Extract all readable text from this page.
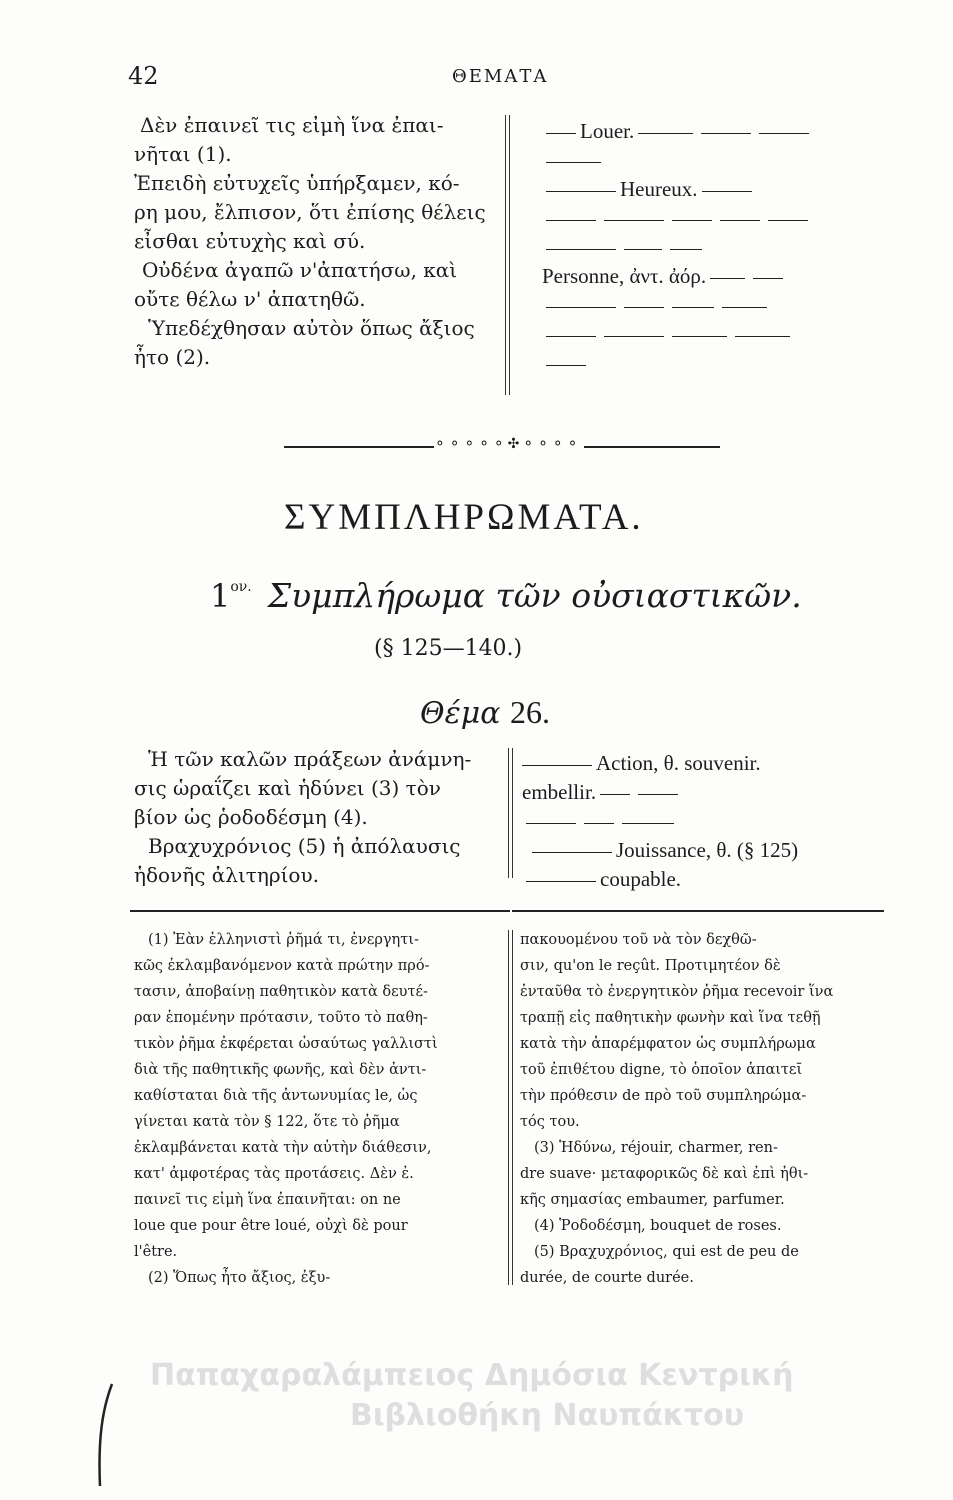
42	ΘΕΜΑΤΑ
Δὲν ἐπαινεῖ τις εἰμὴ ἵνα ἐπαι-
νῆται (1).
Ἐπειδὴ εὐτυχεῖς ὑπήρξαμεν, κό-
ρη μου, ἔλπισον, ὅτι ἐπίσης θέλεις
εἶσθαι εὐτυχὴς καὶ σύ.
Οὐδένα ἀγαπῶ ν'ἀπατήσω, καὶ
οὔτε θέλω ν' ἀπατηθῶ.
Ὑπεδέχθησαν αὐτὸν ὅπως ἄξιος
ἦτο (2).
Louer.
Heureux.
Personne, ἀντ. ἀόρ.
⚬⚬⚬⚬⚬✣⚬⚬⚬⚬
ΣΥΜΠΛΗΡΩΜΑΤΑ.
$1^{o\nu.}$ Συμπλήρωμα τῶν οὐσιαστικῶν.
(§ 125—140.)
Θέμα 26.
Ἡ τῶν καλῶν πράξεων ἀνάμνη-
σις ὡραΐζει καὶ ἡδύνει (3) τὸν
βίον ὡς ῥοδοδέσμη (4).
Βραχυχρόνιος (5) ἡ ἀπόλαυσις
ἡδονῆς ἀλιτηρίου.
Action, θ. souvenir.
embellir.
Jouissance, θ. (§ 125)
coupable.
(1) Ἐὰν ἑλληνιστὶ ῥῆμά τι, ἐνεργητι-
κῶς ἐκλαμβανόμενον κατὰ πρώτην πρό-
τασιν, ἀποβαίνῃ παθητικὸν κατὰ δευτέ-
ραν ἑπομένην πρότασιν, τοῦτο τὸ παθη-
τικὸν ῥῆμα ἐκφέρεται ὡσαύτως γαλλιστὶ
διὰ τῆς παθητικῆς φωνῆς, καὶ δὲν ἀντι-
καθίσταται διὰ τῆς ἀντωνυμίας le, ὡς
γίνεται κατὰ τὸν § 122, ὅτε τὸ ῥῆμα
ἐκλαμβάνεται κατὰ τὴν αὐτὴν διάθεσιν,
κατ' ἀμφοτέρας τὰς προτάσεις. Δὲν ἐ.
παινεῖ τις εἰμὴ ἵνα ἐπαινῆται: on ne
loue que pour être loué, οὐχὶ δὲ pour
l'être.
(2) Ὅπως ἦτο ἄξιος, ἐξυ-
πακουομένου τοῦ νὰ τὸν δεχθῶ-
σιν, qu'on le reçût. Προτιμητέον δὲ
ἐνταῦθα τὸ ἐνεργητικὸν ῥῆμα recevoir ἵνα
τραπῇ εἰς παθητικὴν φωνὴν καὶ ἵνα τεθῇ
κατὰ τὴν ἀπαρέμφατον ὡς συμπλήρωμα
τοῦ ἐπιθέτου digne, τὸ ὁποῖον ἀπαιτεῖ
τὴν πρόθεσιν de πρὸ τοῦ συμπληρώμα-
τός του.
(3) Ἡδύνω, réjouir, charmer, ren-
dre suave· μεταφορικῶς δὲ καὶ ἐπὶ ἠθι-
κῆς σημασίας embaumer, parfumer.
(4) Ῥοδοδέσμη, bouquet de roses.
(5) Βραχυχρόνιος, qui est de peu de
durée, de courte durée.
Παπαχαραλάμπειος Δημόσια Κεντρική
Βιβλιοθήκη Ναυπάκτου
